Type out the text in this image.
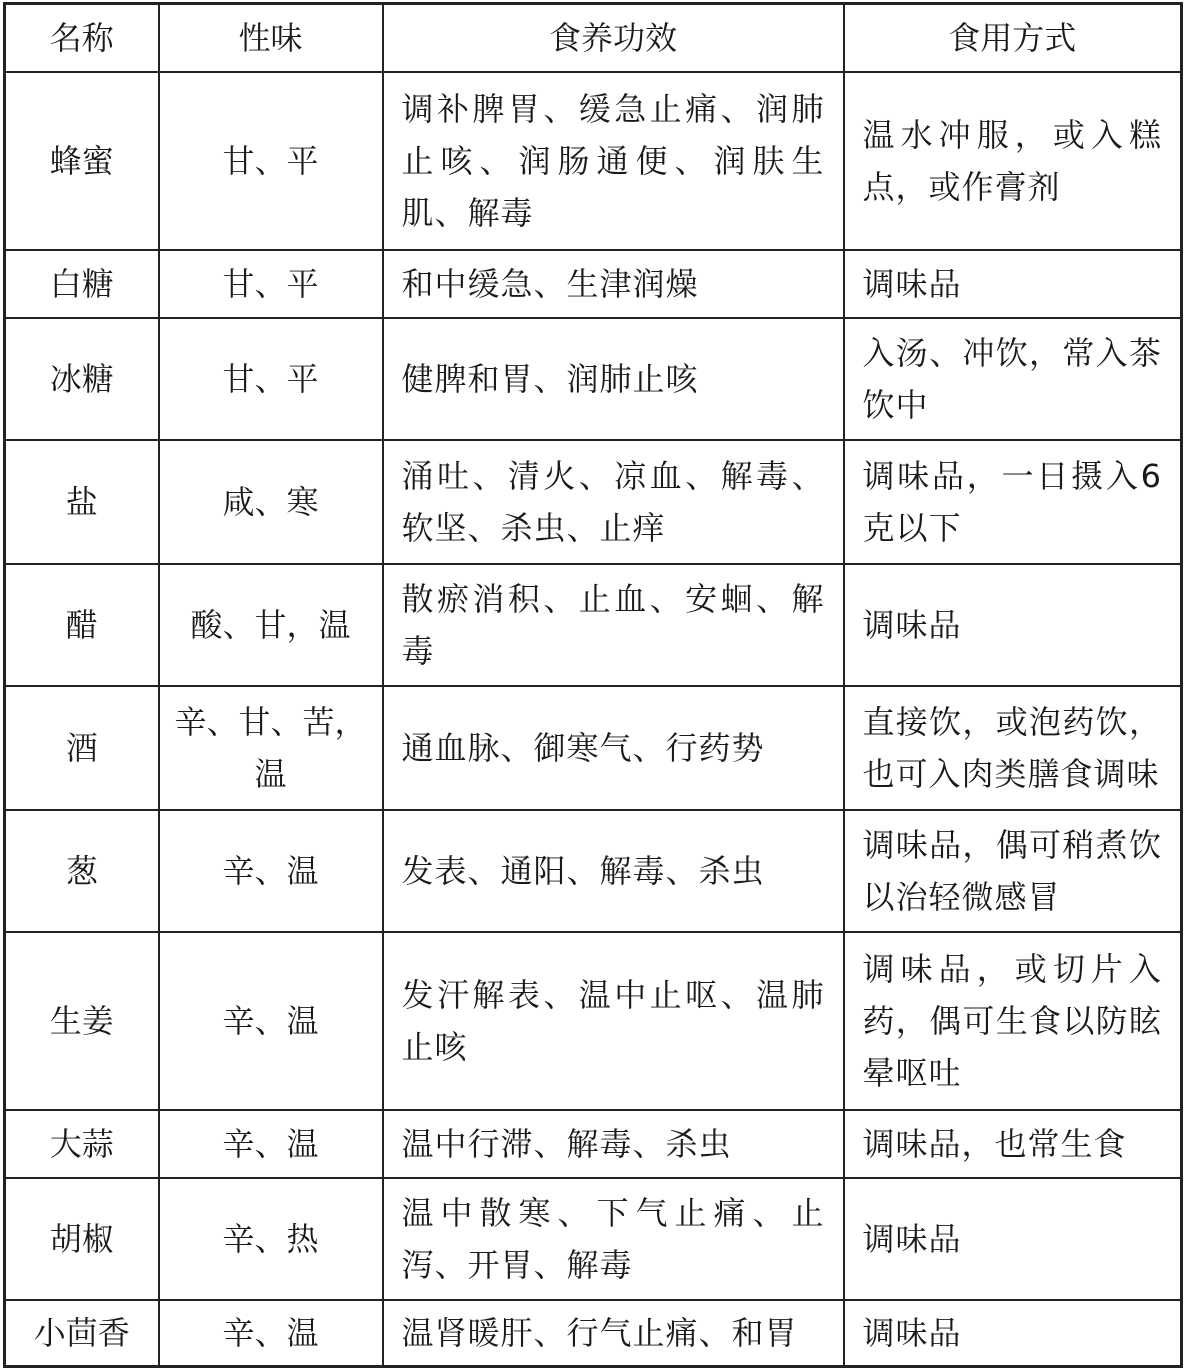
名称	性味	食养功效	食用方式
蜂蜜	甘、平	调补脾胃、缓急止痛、润肺止咳、润肠通便、润肤生肌、解毒	温水冲服，或入糕点，或作膏剂
白糖	甘、平	和中缓急、生津润燥	调味品
冰糖	甘、平	健脾和胃、润肺止咳	入汤、冲饮，常入茶饮中
盐	咸、寒	涌吐、清火、凉血、解毒、软坚、杀虫、止痒	调味品，一日摄入6克以下
醋	酸、甘，温	散瘀消积、止血、安蛔、解毒	调味品
酒	辛、甘、苦，温	通血脉、御寒气、行药势	直接饮，或泡药饮，也可入肉类膳食调味
葱	辛、温	发表、通阳、解毒、杀虫	调味品，偶可稍煮饮以治轻微感冒
生姜	辛、温	发汗解表、温中止呕、温肺止咳	调味品，或切片入药，偶可生食以防眩晕呕吐
大蒜	辛、温	温中行滞、解毒、杀虫	调味品，也常生食
胡椒	辛、热	温中散寒、下气止痛、止泻、开胃、解毒	调味品
小茴香	辛、温	温肾暖肝、行气止痛、和胃	调味品
